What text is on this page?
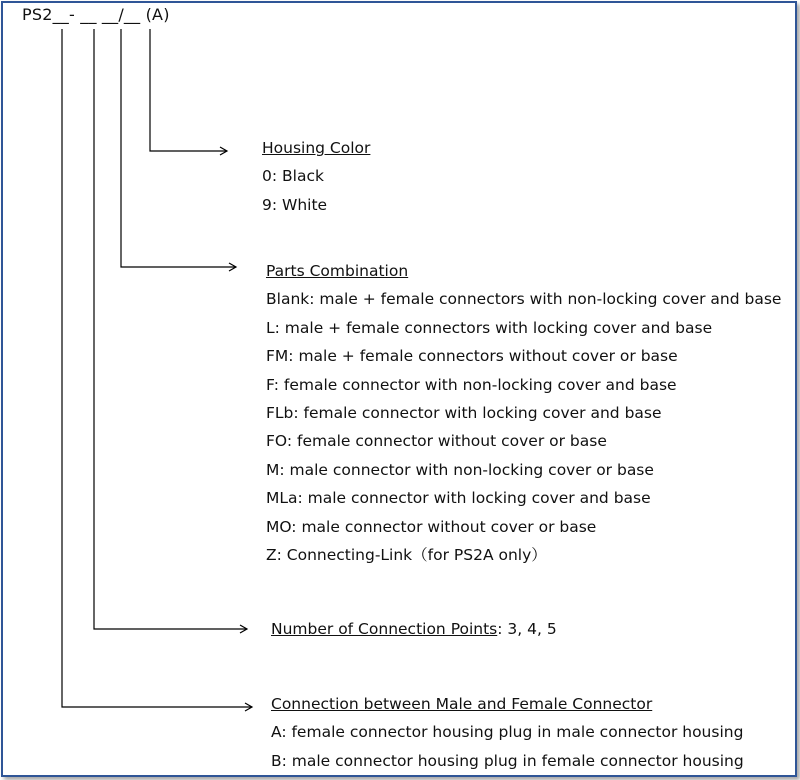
PS2__- __ __/__ (A)
Housing Color
0: Black
9: White
Parts Combination
Blank: male + female connectors with non-locking cover and base
L: male + female connectors with locking cover and base
FM: male + female connectors without cover or base
F: female connector with non-locking cover and base
FLb: female connector with locking cover and base
FO: female connector without cover or base
M: male connector with non-locking cover or base
MLa: male connector with locking cover and base
MO: male connector without cover or base
Z: Connecting-Link（for PS2A only）
Number of Connection Points: 3, 4, 5
Connection between Male and Female Connector
A: female connector housing plug in male connector housing
B: male connector housing plug in female connector housing
